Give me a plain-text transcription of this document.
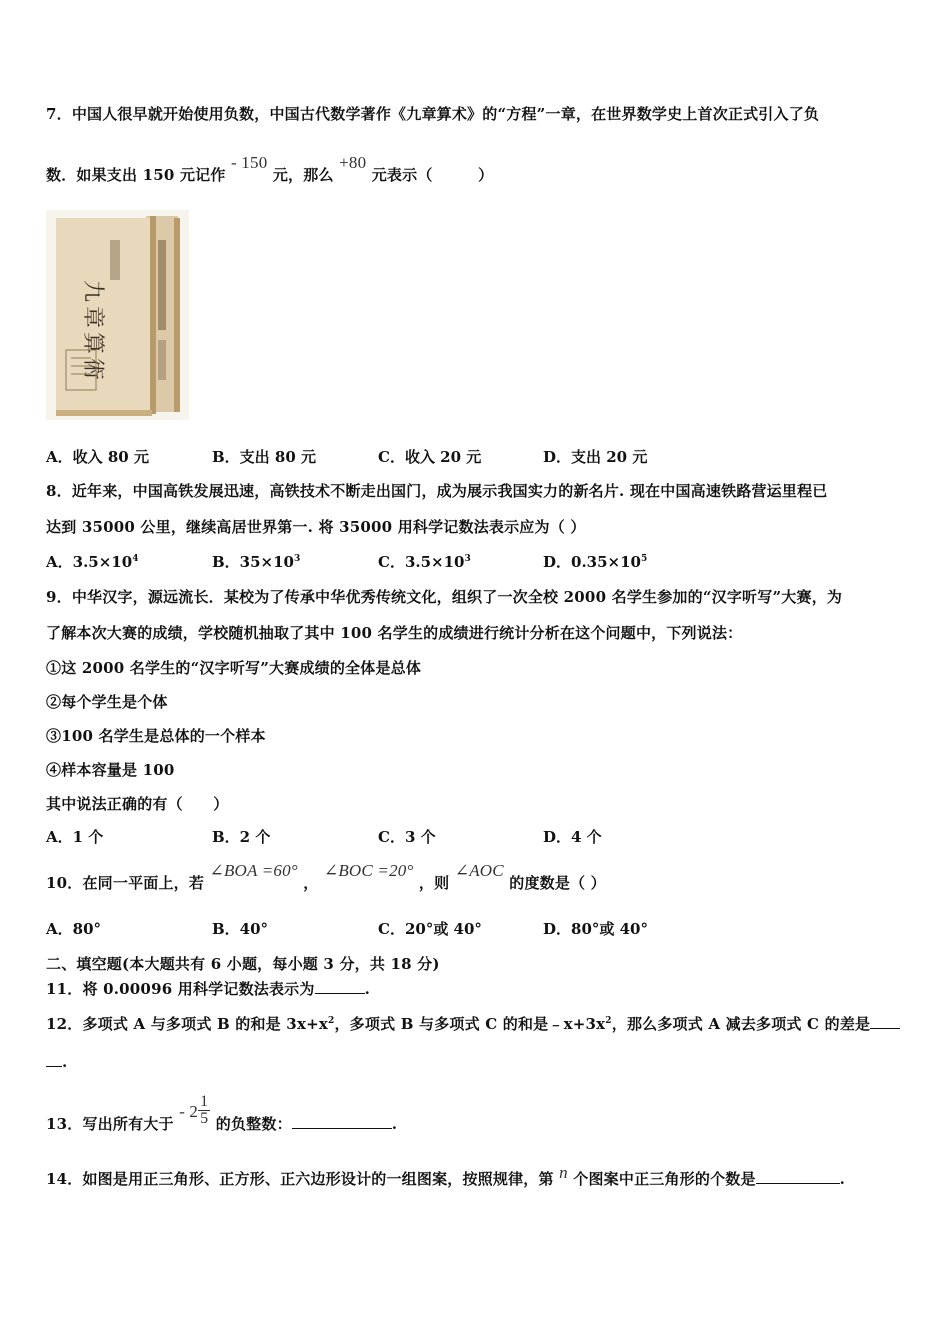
7．中国人很早就开始使用负数，中国古代数学著作《九章算术》的“方程”一章，在世界数学史上首次正式引入了负
数．如果支出 150 元记作 - 150 元，那么 +80 元表示（　　　）
九章算術
A．收入 80 元	B．支出 80 元	C．收入 20 元	D．支出 20 元
8．近年来，中国高铁发展迅速，高铁技术不断走出国门，成为展示我国实力的新名片. 现在中国高速铁路营运里程已
达到 35000 公里，继续高居世界第一. 将 35000 用科学记数法表示应为（ ）
A．$3.5\times 10^4$	B．$35\times 10^3$	C．$3.5\times 10^3$	D．$0.35\times 10^5$
9．中华汉字，源远流长．某校为了传承中华优秀传统文化，组织了一次全校 2000 名学生参加的“汉字听写”大赛，为
了解本次大赛的成绩，学校随机抽取了其中 100 名学生的成绩进行统计分析在这个问题中，下列说法：
①这 2000 名学生的“汉字听写”大赛成绩的全体是总体
②每个学生是个体
③100 名学生是总体的一个样本
④样本容量是 100
其中说法正确的有（　　）
A．1 个	B．2 个	C．3 个	D．4 个
10．在同一平面上，若 ∠BOA =60° ， ∠BOC =20° ，则 ∠AOC 的度数是（ ）
A．80°	B．40°	C．20°或 40°	D．80°或 40°
二、填空题(本大题共有 6 小题，每小题 3 分，共 18 分)
11．将 0.00096 用科学记数法表示为	.
12．多项式 A 与多项式 B 的和是 $3x+x^2$，多项式 B 与多项式 C 的和是$﹣x+3x^2$，那么多项式 A 减去多项式 C 的差是
.
13．写出所有大于 - $2 \frac{1}{5}$ 的负整数：	.
14．如图是用正三角形、正方形、正六边形设计的一组图案，按照规律，第 n 个图案中正三角形的个数是	.
